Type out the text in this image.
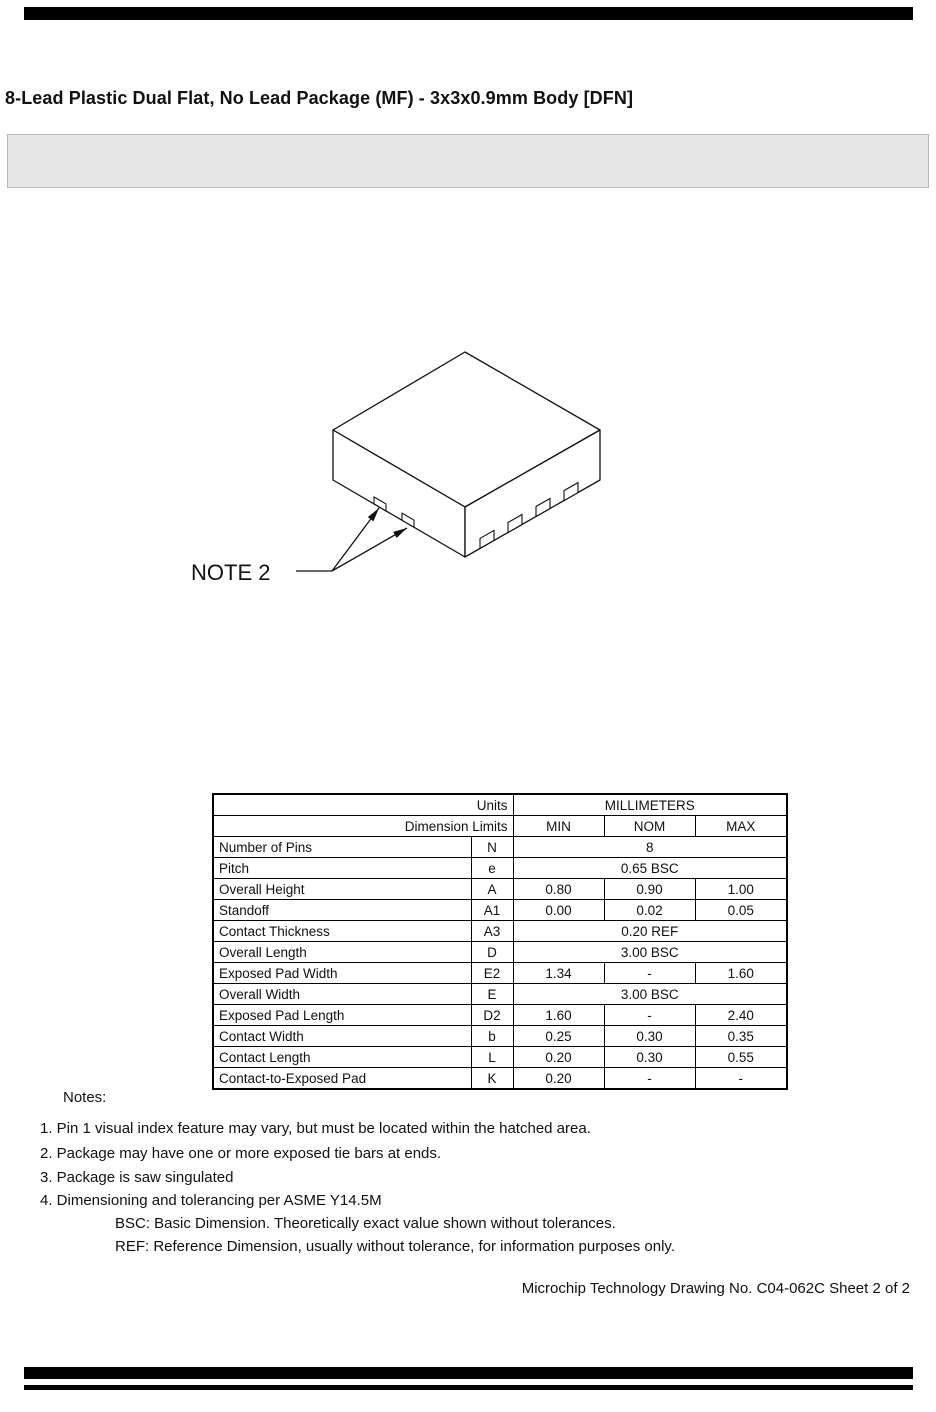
8-Lead Plastic Dual Flat, No Lead Package (MF) - 3x3x0.9mm Body [DFN]
NOTE 2
Units		MILLIMETERS		
Dimension Limits		MIN	NOM	MAX
Number of Pins	N	8		
Pitch	e	0.65 BSC		
Overall Height	A	0.80	0.90	1.00
Standoff	A1	0.00	0.02	0.05
Contact Thickness	A3	0.20 REF		
Overall Length	D	3.00 BSC		
Exposed Pad Width	E2	1.34	-	1.60
Overall Width	E	3.00 BSC		
Exposed Pad Length	D2	1.60	-	2.40
Contact Width	b	0.25	0.30	0.35
Contact Length	L	0.20	0.30	0.55
Contact-to-Exposed Pad	K	0.20	-	-
Notes:
1. Pin 1 visual index feature may vary, but must be located within the hatched area.
2. Package may have one or more exposed tie bars at ends.
3. Package is saw singulated
4. Dimensioning and tolerancing per ASME Y14.5M
BSC: Basic Dimension. Theoretically exact value shown without tolerances.
REF: Reference Dimension, usually without tolerance, for information purposes only.
Microchip Technology Drawing No. C04-062C Sheet 2 of 2
